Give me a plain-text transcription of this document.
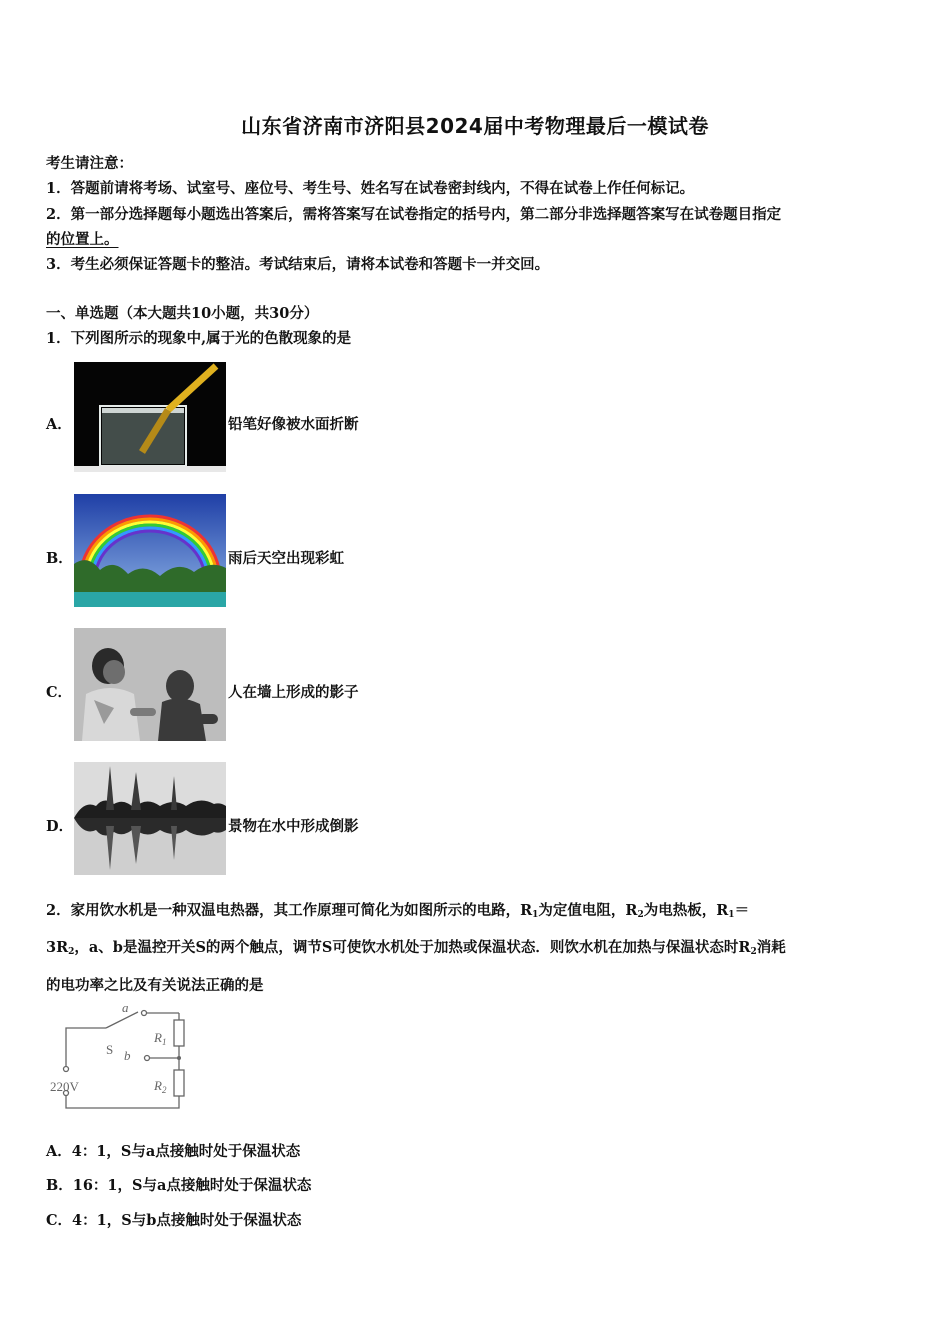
山东省济南市济阳县2024届中考物理最后一模试卷
考生请注意：
1．答题前请将考场、试室号、座位号、考生号、姓名写在试卷密封线内，不得在试卷上作任何标记。
2．第一部分选择题每小题选出答案后，需将答案写在试卷指定的括号内，第二部分非选择题答案写在试卷题目指定
的位置上。
3．考生必须保证答题卡的整洁。考试结束后，请将本试卷和答题卡一并交回。
一、单选题（本大题共10小题，共30分）
1．下列图所示的现象中,属于光的色散现象的是
A．	铅笔好像被水面折断
B．	雨后天空出现彩虹
C．	人在墙上形成的影子
D．	景物在水中形成倒影
2．家用饮水机是一种双温电热器，其工作原理可简化为如图所示的电路，$R_1$为定值电阻，$R_2$为电热板，$R_1=$
$3R_2$，a、b是温控开关S的两个触点，调节S可使饮水机处于加热或保温状态．则饮水机在加热与保温状态时$R_2$消耗
的电功率之比及有关说法正确的是
a
S b
$R_1$
$R_2$
220V
A．4：1，S与a点接触时处于保温状态
B．16：1，S与a点接触时处于保温状态
C．4：1，S与b点接触时处于保温状态
